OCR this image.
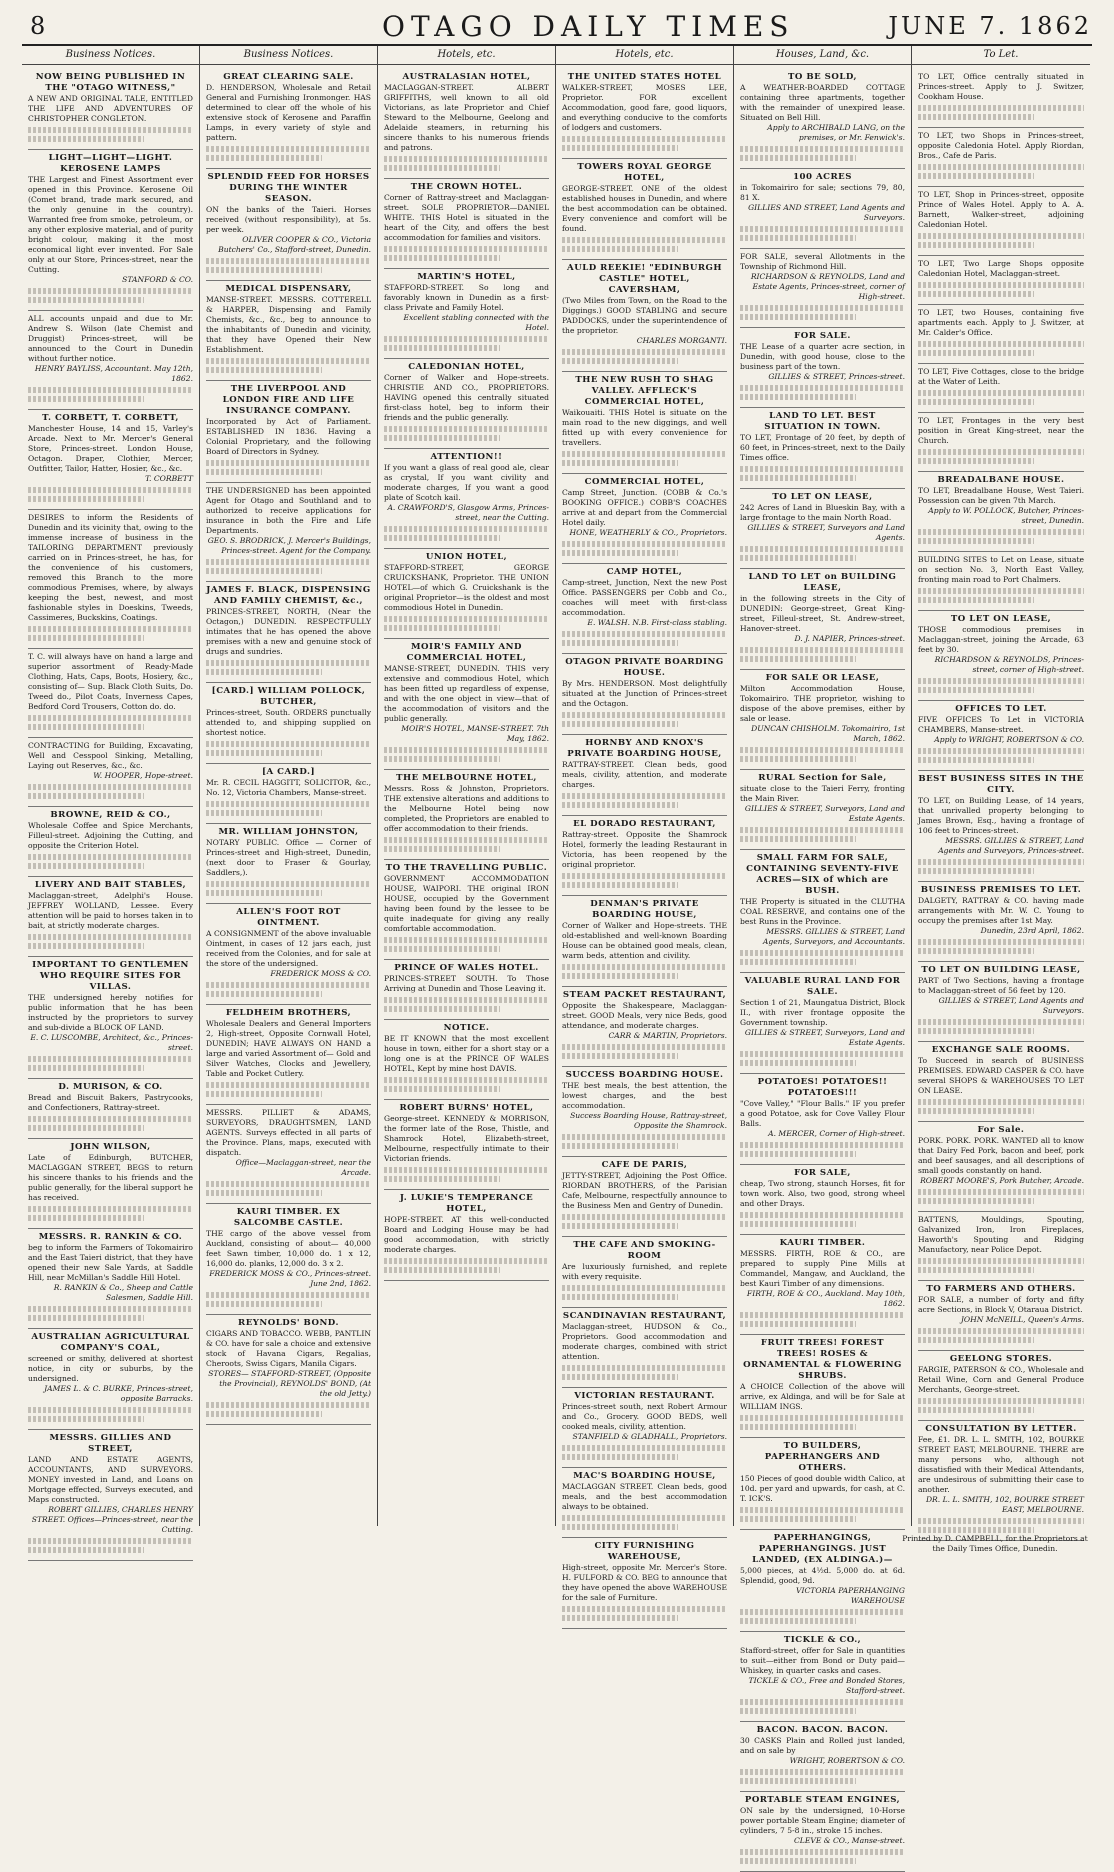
8	OTAGO DAILY TIMES	JUNE 7. 1862
Business Notices.
NOW BEING PUBLISHED IN THE "OTAGO WITNESS,"
A NEW AND ORIGINAL TALE, ENTITLED THE LIFE AND ADVENTURES OF CHRISTOPHER CONGLETON.
LIGHT—LIGHT—LIGHT. KEROSENE LAMPS
THE Largest and Finest Assortment ever opened in this Province. Kerosene Oil (Comet brand, trade mark secured, and the only genuine in the country). Warranted free from smoke, petroleum, or any other explosive material, and of purity bright colour, making it the most economical light ever invented. For Sale only at our Store, Princes-street, near the Cutting.
STANFORD & CO.
ALL accounts unpaid and due to Mr. Andrew S. Wilson (late Chemist and Druggist) Princes-street, will be announced to the Court in Dunedin without further notice.
HENRY BAYLISS, Accountant. May 12th, 1862.
T. CORBETT, T. CORBETT,
Manchester House, 14 and 15, Varley's Arcade. Next to Mr. Mercer's General Store, Princes-street. London House, Octagon. Draper, Clothier, Mercer, Outfitter, Tailor, Hatter, Hosier, &c., &c.
T. CORBETT
DESIRES to inform the Residents of Dunedin and its vicinity that, owing to the immense increase of business in the TAILORING DEPARTMENT previously carried on in Princes-street, he has, for the convenience of his customers, removed this Branch to the more commodious Premises, where, by always keeping the best, newest, and most fashionable styles in Doeskins, Tweeds, Cassimeres, Buckskins, Coatings.
T. C. will always have on hand a large and superior assortment of Ready-Made Clothing, Hats, Caps, Boots, Hosiery, &c., consisting of— Sup. Black Cloth Suits, Do. Tweed do., Pilot Coats, Inverness Capes, Bedford Cord Trousers, Cotton do. do.
CONTRACTING for Building, Excavating, Well and Cesspool Sinking, Metalling, Laying out Reserves, &c., &c.
W. HOOPER, Hope-street.
BROWNE, REID & CO.,
Wholesale Coffee and Spice Merchants, Filleul-street. Adjoining the Cutting, and opposite the Criterion Hotel.
LIVERY AND BAIT STABLES,
Maclaggan-street, Adelphi's House. JEFFREY WOLLAND, Lessee. Every attention will be paid to horses taken in to bait, at strictly moderate charges.
IMPORTANT TO GENTLEMEN WHO REQUIRE SITES FOR VILLAS.
THE undersigned hereby notifies for public information that he has been instructed by the proprietors to survey and sub-divide a BLOCK OF LAND.
E. C. LUSCOMBE, Architect, &c., Princes-street.
D. MURISON, & CO.
Bread and Biscuit Bakers, Pastrycooks, and Confectioners, Rattray-street.
JOHN WILSON,
Late of Edinburgh, BUTCHER, MACLAGGAN STREET, BEGS to return his sincere thanks to his friends and the public generally, for the liberal support he has received.
MESSRS. R. RANKIN & CO.
beg to inform the Farmers of Tokomairiro and the East Taieri district, that they have opened their new Sale Yards, at Saddle Hill, near McMillan's Saddle Hill Hotel.
R. RANKIN & Co., Sheep and Cattle Salesmen, Saddle Hill.
AUSTRALIAN AGRICULTURAL COMPANY'S COAL,
screened or smithy, delivered at shortest notice, in city or suburbs, by the undersigned.
JAMES L. & C. BURKE, Princes-street, opposite Barracks.
MESSRS. GILLIES AND STREET,
LAND AND ESTATE AGENTS, ACCOUNTANTS, AND SURVEYORS. MONEY invested in Land, and Loans on Mortgage effected, Surveys executed, and Maps constructed.
ROBERT GILLIES, CHARLES HENRY STREET. Offices—Princes-street, near the Cutting.
Business Notices.
GREAT CLEARING SALE.
D. HENDERSON, Wholesale and Retail General and Furnishing Ironmonger. HAS determined to clear off the whole of his extensive stock of Kerosene and Paraffin Lamps, in every variety of style and pattern.
SPLENDID FEED FOR HORSES DURING THE WINTER SEASON.
ON the banks of the Taieri. Horses received (without responsibility), at 5s. per week.
OLIVER COOPER & CO., Victoria Butchers' Co., Stafford-street, Dunedin.
MEDICAL DISPENSARY,
MANSE-STREET. MESSRS. COTTERELL & HARPER, Dispensing and Family Chemists, &c., &c., beg to announce to the inhabitants of Dunedin and vicinity, that they have Opened their New Establishment.
THE LIVERPOOL AND LONDON FIRE AND LIFE INSURANCE COMPANY.
Incorporated by Act of Parliament. ESTABLISHED IN 1836. Having a Colonial Proprietary, and the following Board of Directors in Sydney.
THE UNDERSIGNED has been appointed Agent for Otago and Southland and to authorized to receive applications for insurance in both the Fire and Life Departments.
GEO. S. BRODRICK, J. Mercer's Buildings, Princes-street. Agent for the Company.
JAMES F. BLACK, DISPENSING AND FAMILY CHEMIST, &c.,
PRINCES-STREET, NORTH, (Near the Octagon,) DUNEDIN. RESPECTFULLY intimates that he has opened the above premises with a new and genuine stock of drugs and sundries.
[CARD.] WILLIAM POLLOCK, BUTCHER,
Princes-street, South. ORDERS punctually attended to, and shipping supplied on shortest notice.
[A CARD.]
Mr. R. CECIL HAGGITT, SOLICITOR, &c., No. 12, Victoria Chambers, Manse-street.
MR. WILLIAM JOHNSTON,
NOTARY PUBLIC. Office — Corner of Princes-street and High-street, Dunedin, (next door to Fraser & Gourlay, Saddlers,).
ALLEN'S FOOT ROT OINTMENT.
A CONSIGNMENT of the above invaluable Ointment, in cases of 12 jars each, just received from the Colonies, and for sale at the store of the undersigned.
FREDERICK MOSS & CO.
FELDHEIM BROTHERS,
Wholesale Dealers and General Importers 2, High-street, Opposite Cornwall Hotel, DUNEDIN; HAVE ALWAYS ON HAND a large and varied Assortment of— Gold and Silver Watches, Clocks and Jewellery, Table and Pocket Cutlery.
MESSRS. PILLIET & ADAMS, SURVEYORS, DRAUGHTSMEN, LAND AGENTS. Surveys effected in all parts of the Province. Plans, maps, executed with dispatch.
Office—Maclaggan-street, near the Arcade.
KAURI TIMBER. EX SALCOMBE CASTLE.
THE cargo of the above vessel from Auckland, consisting of about— 40,000 feet Sawn timber, 10,000 do. 1 x 12, 16,000 do. planks, 12,000 do. 3 x 2.
FREDERICK MOSS & CO., Princes-street. June 2nd, 1862.
REYNOLDS' BOND.
CIGARS AND TOBACCO. WEBB, PANTLIN & CO. have for sale a choice and extensive stock of Havana Cigars, Regalias, Cheroots, Swiss Cigars, Manila Cigars.
STORES— STAFFORD-STREET, (Opposite the Provincial), REYNOLDS' BOND, (At the old Jetty.)
Hotels, etc.
AUSTRALASIAN HOTEL,
MACLAGGAN-STREET. ALBERT GRIFFITHS, well known to all old Victorians, as late Proprietor and Chief Steward to the Melbourne, Geelong and Adelaide steamers, in returning his sincere thanks to his numerous friends and patrons.
THE CROWN HOTEL.
Corner of Rattray-street and Maclaggan-street. SOLE PROPRIETOR—DANIEL WHITE. THIS Hotel is situated in the heart of the City, and offers the best accommodation for families and visitors.
MARTIN'S HOTEL,
STAFFORD-STREET. So long and favorably known in Dunedin as a first-class Private and Family Hotel.
Excellent stabling connected with the Hotel.
CALEDONIAN HOTEL,
Corner of Walker and Hope-streets. CHRISTIE AND CO., PROPRIETORS. HAVING opened this centrally situated first-class hotel, beg to inform their friends and the public generally.
ATTENTION!!
If you want a glass of real good ale, clear as crystal, If you want civility and moderate charges, If you want a good plate of Scotch kail.
A. CRAWFORD'S, Glasgow Arms, Princes-street, near the Cutting.
UNION HOTEL,
STAFFORD-STREET, GEORGE CRUICKSHANK, Proprietor. THE UNION HOTEL—of which G. Cruickshank is the original Proprietor—is the oldest and most commodious Hotel in Dunedin.
MOIR'S FAMILY AND COMMERCIAL HOTEL,
MANSE-STREET, DUNEDIN. THIS very extensive and commodious Hotel, which has been fitted up regardless of expense, and with the one object in view—that of the accommodation of visitors and the public generally.
MOIR'S HOTEL, MANSE-STREET. 7th May, 1862.
THE MELBOURNE HOTEL,
Messrs. Ross & Johnston, Proprietors. THE extensive alterations and additions to the Melbourne Hotel being now completed, the Proprietors are enabled to offer accommodation to their friends.
TO THE TRAVELLING PUBLIC.
GOVERNMENT ACCOMMODATION HOUSE, WAIPORI. THE original IRON HOUSE, occupied by the Government having been found by the lessee to be quite inadequate for giving any really comfortable accommodation.
PRINCE OF WALES HOTEL.
PRINCES-STREET SOUTH. To Those Arriving at Dunedin and Those Leaving it.
NOTICE.
BE IT KNOWN that the most excellent house in town, either for a short stay or a long one is at the PRINCE OF WALES HOTEL, Kept by mine host DAVIS.
ROBERT BURNS' HOTEL,
George-street. KENNEDY & MORRISON, the former late of the Rose, Thistle, and Shamrock Hotel, Elizabeth-street, Melbourne, respectfully intimate to their Victorian friends.
J. LUKIE'S TEMPERANCE HOTEL,
HOPE-STREET. AT this well-conducted Board and Lodging House may be had good accommodation, with strictly moderate charges.
Hotels, etc.
THE UNITED STATES HOTEL
WALKER-STREET, MOSES LEE, Proprietor. FOR excellent Accommodation, good fare, good liquors, and everything conducive to the comforts of lodgers and customers.
TOWERS ROYAL GEORGE HOTEL,
GEORGE-STREET. ONE of the oldest established houses in Dunedin, and where the best accommodation can be obtained. Every convenience and comfort will be found.
AULD REEKIE! "EDINBURGH CASTLE" HOTEL, CAVERSHAM,
(Two Miles from Town, on the Road to the Diggings.) GOOD STABLING and secure PADDOCKS, under the superintendence of the proprietor.
CHARLES MORGANTI.
THE NEW RUSH TO SHAG VALLEY. AFFLECK'S COMMERCIAL HOTEL,
Waikouaiti. THIS Hotel is situate on the main road to the new diggings, and well fitted up with every convenience for travellers.
COMMERCIAL HOTEL,
Camp Street, Junction. (COBB & Co.'s BOOKING OFFICE.) COBB'S COACHES arrive at and depart from the Commercial Hotel daily.
HONE, WEATHERLY & CO., Proprietors.
CAMP HOTEL,
Camp-street, Junction, Next the new Post Office. PASSENGERS per Cobb and Co., coaches will meet with first-class accommodation.
E. WALSH. N.B. First-class stabling.
OTAGON PRIVATE BOARDING HOUSE.
By Mrs. HENDERSON. Most delightfully situated at the Junction of Princes-street and the Octagon.
HORNBY AND KNOX'S PRIVATE BOARDING HOUSE,
RATTRAY-STREET. Clean beds, good meals, civility, attention, and moderate charges.
EL DORADO RESTAURANT,
Rattray-street. Opposite the Shamrock Hotel, formerly the leading Restaurant in Victoria, has been reopened by the original proprietor.
DENMAN'S PRIVATE BOARDING HOUSE,
Corner of Walker and Hope-streets. THE old-established and well-known Boarding House can be obtained good meals, clean, warm beds, attention and civility.
STEAM PACKET RESTAURANT,
Opposite the Shakespeare, Maclaggan-street. GOOD Meals, very nice Beds, good attendance, and moderate charges.
CARR & MARTIN, Proprietors.
SUCCESS BOARDING HOUSE.
THE best meals, the best attention, the lowest charges, and the best accommodation.
Success Boarding House, Rattray-street, Opposite the Shamrock.
CAFE DE PARIS,
JETTY-STREET, Adjoining the Post Office. RIORDAN BROTHERS, of the Parisian Cafe, Melbourne, respectfully announce to the Business Men and Gentry of Dunedin.
THE CAFE AND SMOKING-ROOM
Are luxuriously furnished, and replete with every requisite.
SCANDINAVIAN RESTAURANT,
Maclaggan-street, HUDSON & Co., Proprietors. Good accommodation and moderate charges, combined with strict attention.
VICTORIAN RESTAURANT.
Princes-street south, next Robert Armour and Co., Grocery. GOOD BEDS, well cooked meals, civility, attention.
STANFIELD & GLADHALL, Proprietors.
MAC'S BOARDING HOUSE,
MACLAGGAN STREET. Clean beds, good meals, and the best accommodation always to be obtained.
CITY FURNISHING WAREHOUSE,
High-street, opposite Mr. Mercer's Store. H. FULFORD & CO. BEG to announce that they have opened the above WAREHOUSE for the sale of Furniture.
Houses, Land, &c.
TO BE SOLD,
A WEATHER-BOARDED COTTAGE containing three apartments, together with the remainder of unexpired lease. Situated on Bell Hill.
Apply to ARCHIBALD LANG, on the premises, or Mr. Fenwick's.
100 ACRES
in Tokomairiro for sale; sections 79, 80, 81 X.
GILLIES AND STREET, Land Agents and Surveyors.
FOR SALE, several Allotments in the Township of Richmond Hill.
RICHARDSON & REYNOLDS, Land and Estate Agents, Princes-street, corner of High-street.
FOR SALE.
THE Lease of a quarter acre section, in Dunedin, with good house, close to the business part of the town.
GILLIES & STREET, Princes-street.
LAND TO LET. BEST SITUATION IN TOWN.
TO LET, Frontage of 20 feet, by depth of 60 feet, in Princes-street, next to the Daily Times office.
TO LET ON LEASE,
242 Acres of Land in Blueskin Bay, with a large frontage to the main North Road.
GILLIES & STREET, Surveyors and Land Agents.
LAND TO LET on BUILDING LEASE,
in the following streets in the City of DUNEDIN: George-street, Great King-street, Filleul-street, St. Andrew-street, Hanover-street.
D. J. NAPIER, Princes-street.
FOR SALE OR LEASE,
Milton Accommodation House, Tokomairiro. THE proprietor, wishing to dispose of the above premises, either by sale or lease.
DUNCAN CHISHOLM. Tokomairiro, 1st March, 1862.
RURAL Section for Sale,
situate close to the Taieri Ferry, fronting the Main River.
GILLIES & STREET, Surveyors, Land and Estate Agents.
SMALL FARM FOR SALE, CONTAINING SEVENTY-FIVE ACRES—SIX of which are BUSH.
THE Property is situated in the CLUTHA COAL RESERVE, and contains one of the best Runs in the Province.
MESSRS. GILLIES & STREET, Land Agents, Surveyors, and Accountants.
VALUABLE RURAL LAND FOR SALE.
Section 1 of 21, Maungatua District, Block II., with river frontage opposite the Government township.
GILLIES & STREET, Surveyors, Land and Estate Agents.
POTATOES! POTATOES!! POTATOES!!!
"Cove Valley," "Flour Balls." IF you prefer a good Potatoe, ask for Cove Valley Flour Balls.
A. MERCER, Corner of High-street.
FOR SALE,
cheap, Two strong, staunch Horses, fit for town work. Also, two good, strong wheel and other Drays.
KAURI TIMBER.
MESSRS. FIRTH, ROE & CO., are prepared to supply Pine Mills at Commandel, Mangaw, and Auckland, the best Kauri Timber of any dimensions.
FIRTH, ROE & CO., Auckland. May 10th, 1862.
FRUIT TREES! FOREST TREES! ROSES & ORNAMENTAL & FLOWERING SHRUBS.
A CHOICE Collection of the above will arrive, ex Aldinga, and will be for Sale at WILLIAM INGS.
TO BUILDERS, PAPERHANGERS AND OTHERS.
150 Pieces of good double width Calico, at 10d. per yard and upwards, for cash, at C. T. ICK'S.
PAPERHANGINGS, PAPERHANGINGS. JUST LANDED, (EX ALDINGA.)—
5,000 pieces, at 4½d. 5,000 do. at 6d. Splendid, good, 9d.
VICTORIA PAPERHANGING WAREHOUSE
TICKLE & CO.,
Stafford-street, offer for Sale in quantities to suit—either from Bond or Duty paid— Whiskey, in quarter casks and cases.
TICKLE & CO., Free and Bonded Stores, Stafford-street.
BACON. BACON. BACON.
30 CASKS Plain and Rolled just landed, and on sale by
WRIGHT, ROBERTSON & CO.
PORTABLE STEAM ENGINES,
ON sale by the undersigned, 10-Horse power portable Steam Engine; diameter of cylinders, 7 5-8 in., stroke 15 inches.
CLEVE & CO., Manse-street.
To Let.
TO LET, Office centrally situated in Princes-street. Apply to J. Switzer, Cookham House.
TO LET, two Shops in Princes-street, opposite Caledonia Hotel. Apply Riordan, Bros., Cafe de Paris.
TO LET, Shop in Princes-street, opposite Prince of Wales Hotel. Apply to A. A. Barnett, Walker-street, adjoining Caledonian Hotel.
TO LET, Two Large Shops opposite Caledonian Hotel, Maclaggan-street.
TO LET, two Houses, containing five apartments each. Apply to J. Switzer, at Mr. Calder's Office.
TO LET, Five Cottages, close to the bridge at the Water of Leith.
TO LET, Frontages in the very best position in Great King-street, near the Church.
BREADALBANE HOUSE.
TO LET, Breadalbane House, West Taieri. Possession can be given 7th March.
Apply to W. POLLOCK, Butcher, Princes-street, Dunedin.
BUILDING SITES to Let on Lease, situate on section No. 3, North East Valley, fronting main road to Port Chalmers.
TO LET ON LEASE,
THOSE commodious premises in Maclaggan-street, joining the Arcade, 63 feet by 30.
RICHARDSON & REYNOLDS, Princes-street, corner of High-street.
OFFICES TO LET.
FIVE OFFICES To Let in VICTORIA CHAMBERS, Manse-street.
Apply to WRIGHT, ROBERTSON & CO.
BEST BUSINESS SITES IN THE CITY.
TO LET, on Building Lease, of 14 years, that unrivalled property belonging to James Brown, Esq., having a frontage of 106 feet to Princes-street.
MESSRS. GILLIES & STREET, Land Agents and Surveyors, Princes-street.
BUSINESS PREMISES TO LET.
DALGETY, RATTRAY & CO. having made arrangements with Mr. W. C. Young to occupy the premises after 1st May.
Dunedin, 23rd April, 1862.
TO LET ON BUILDING LEASE,
PART of Two Sections, having a frontage to Maclaggan-street of 56 feet by 120.
GILLIES & STREET, Land Agents and Surveyors.
EXCHANGE SALE ROOMS.
To Succeed in search of BUSINESS PREMISES. EDWARD CASPER & CO. have several SHOPS & WAREHOUSES TO LET ON LEASE.
For Sale.
PORK. PORK. PORK. WANTED all to know that Dairy Fed Pork, bacon and beef, pork and beef sausages, and all descriptions of small goods constantly on hand.
ROBERT MOORE'S, Pork Butcher, Arcade.
BATTENS, Mouldings, Spouting, Galvanized Iron, Iron Fireplaces, Haworth's Spouting and Ridging Manufactory, near Police Depot.
TO FARMERS AND OTHERS.
FOR SALE, a number of forty and fifty acre Sections, in Block V, Otaraua District.
JOHN McNEILL, Queen's Arms.
GEELONG STORES.
FARGIE, PATERSON & CO., Wholesale and Retail Wine, Corn and General Produce Merchants, George-street.
CONSULTATION BY LETTER.
Fee, £1. DR. L. L. SMITH, 102, BOURKE STREET EAST, MELBOURNE. THERE are many persons who, although not dissatisfied with their Medical Attendants, are undesirous of submitting their case to another.
DR. L. L. SMITH, 102, BOURKE STREET EAST, MELBOURNE.
Printed by D. CAMPBELL, for the Proprietors at the Daily Times Office, Dunedin.
